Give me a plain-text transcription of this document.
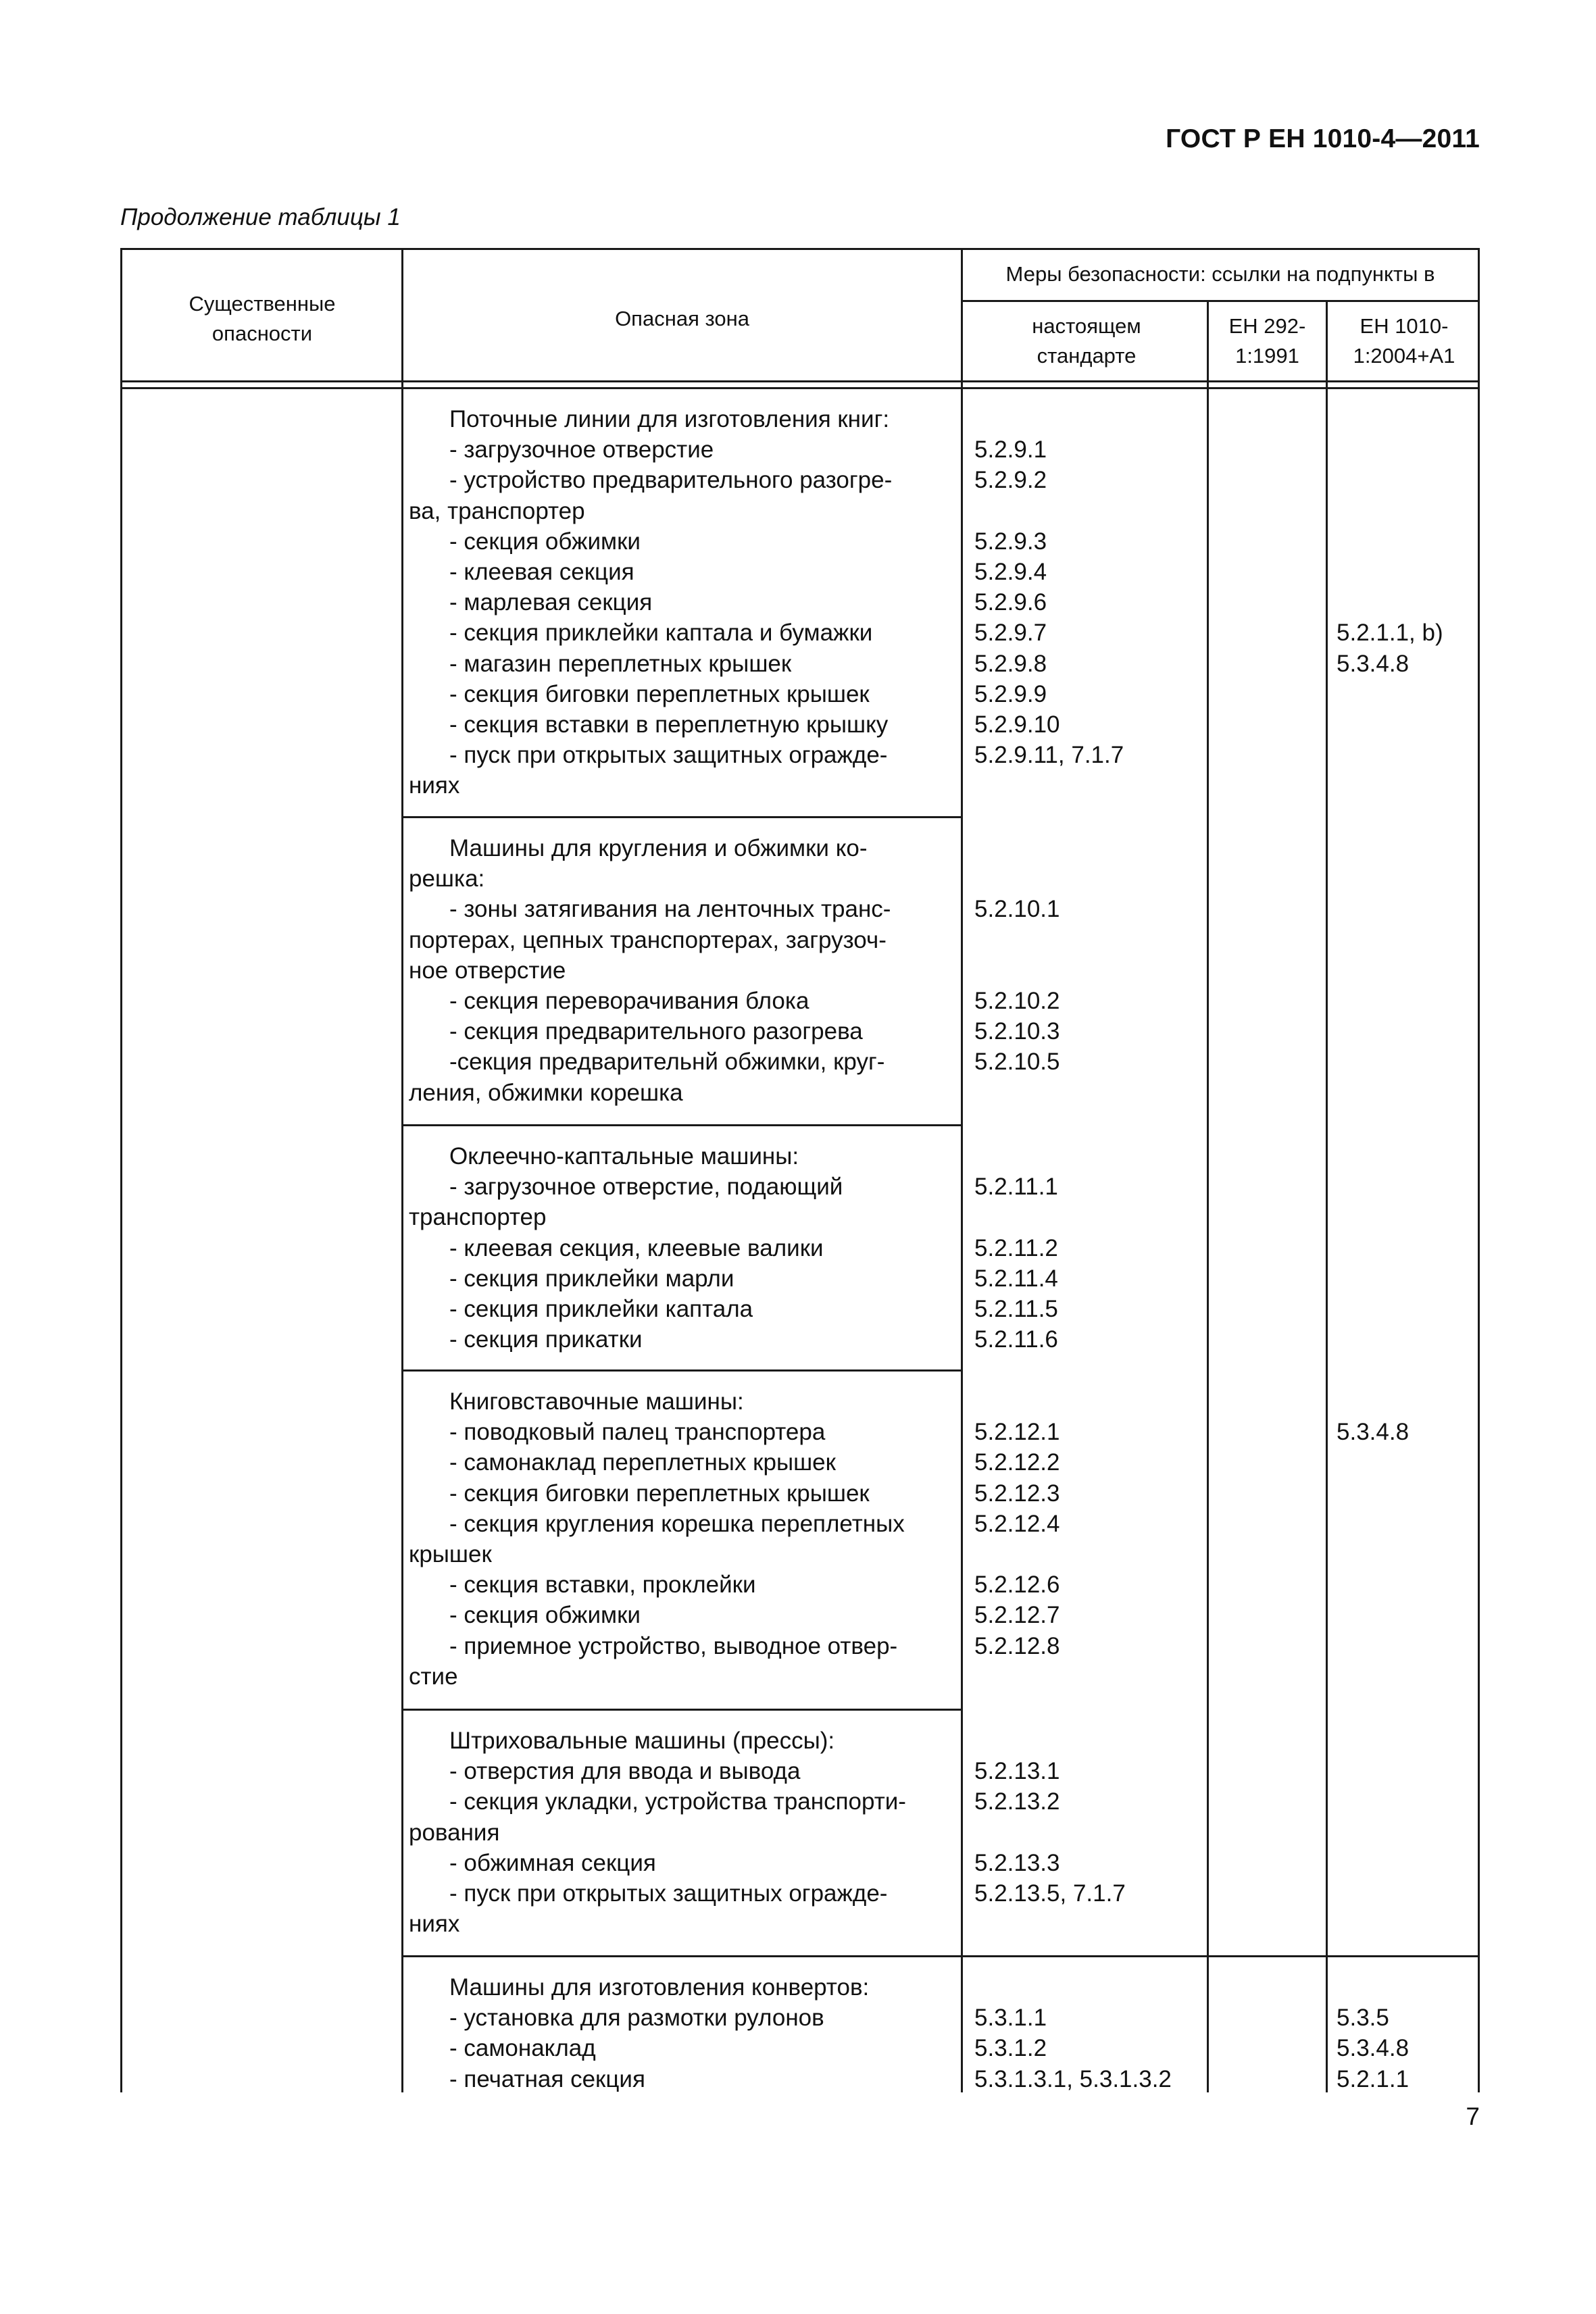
ГОСТ Р ЕН 1010-4—2011
Продолжение таблицы 1
Существенные опасности
Опасная зона
Меры безопасности: ссылки на подпункты в
настоящем стандарте
ЕН 292-1:1991
ЕН 1010-1:2004+А1
Поточные линии для изготовления книг:
- загрузочное отверстие
- устройство предварительного разогре-
ва, транспортер
- секция обжимки
- клеевая секция
- марлевая секция
- секция приклейки каптала и бумажки
- магазин переплетных крышек
- секция биговки переплетных крышек
- секция вставки в переплетную крышку
- пуск при открытых защитных огражде-
ниях
5.2.9.1
5.2.9.2
5.2.9.3
5.2.9.4
5.2.9.6
5.2.9.7
5.2.9.8
5.2.9.9
5.2.9.10
5.2.9.11, 7.1.7
5.2.1.1, b)
5.3.4.8
Машины для кругления и обжимки ко-
решка:
- зоны затягивания на ленточных транс-
портерах, цепных транспортерах, загрузоч-
ное отверстие
- секция переворачивания блока
- секция предварительного разогрева
-секция предварительнй обжимки, круг-
ления, обжимки корешка
5.2.10.1
5.2.10.2
5.2.10.3
5.2.10.5
Оклеечно-каптальные машины:
- загрузочное отверстие, подающий
транспортер
- клеевая секция, клеевые валики
- секция приклейки марли
- секция приклейки каптала
- секция прикатки
5.2.11.1
5.2.11.2
5.2.11.4
5.2.11.5
5.2.11.6
Книговставочные машины:
- поводковый палец транспортера
- самонаклад переплетных крышек
- секция биговки переплетных крышек
- секция кругления корешка переплетных
крышек
- секция вставки, проклейки
- секция обжимки
- приемное устройство, выводное отвер-
стие
5.2.12.1
5.2.12.2
5.2.12.3
5.2.12.4
5.2.12.6
5.2.12.7
5.2.12.8
5.3.4.8
Штриховальные машины (прессы):
- отверстия для ввода и вывода
- секция укладки, устройства транспорти-
рования
- обжимная секция
- пуск при открытых защитных огражде-
ниях
5.2.13.1
5.2.13.2
5.2.13.3
5.2.13.5, 7.1.7
Машины для изготовления конвертов:
- установка для размотки рулонов
- самонаклад
- печатная секция
5.3.1.1
5.3.1.2
5.3.1.3.1, 5.3.1.3.2
5.3.5
5.3.4.8
5.2.1.1
7
